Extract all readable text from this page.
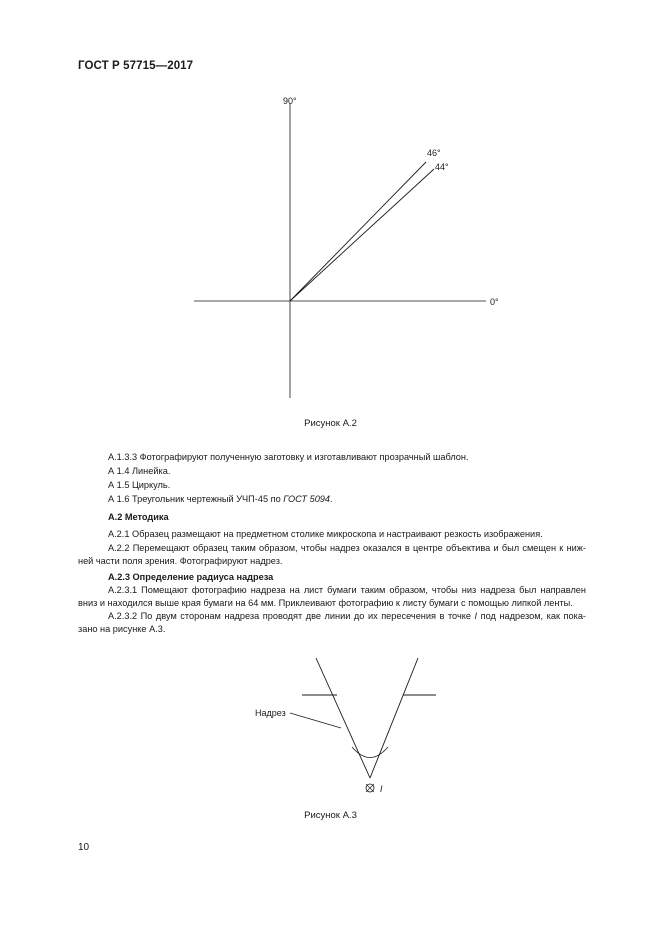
ГОСТ Р 57715—2017
90°
0°
46°
44°
Рисунок А.2
А.1.3.3 Фотографируют полученную заготовку и изготавливают прозрачный шаблон.
А 1.4 Линейка.
А 1.5 Циркуль.
А 1.6 Треугольник чертежный УЧП-45 по ГОСТ 5094.
А.2 Методика
А.2.1 Образец размещают на предметном столике микроскопа и настраивают резкость изображения.
А.2.2 Перемещают образец таким образом, чтобы надрез оказался в центре объектива и был смещен к ниж-ней части поля зрения. Фотографируют надрез.
А.2.3 Определение радиуса надреза
А.2.3.1 Помещают фотографию надреза на лист бумаги таким образом, чтобы низ надреза был направлен вниз и находился выше края бумаги на 64 мм. Приклеивают фотографию к листу бумаги с помощью липкой ленты.
А.2.3.2 По двум сторонам надреза проводят две линии до их пересечения в точке I под надрезом, как пока-зано на рисунке А.3.
Надрез
I
Рисунок А.3
10
